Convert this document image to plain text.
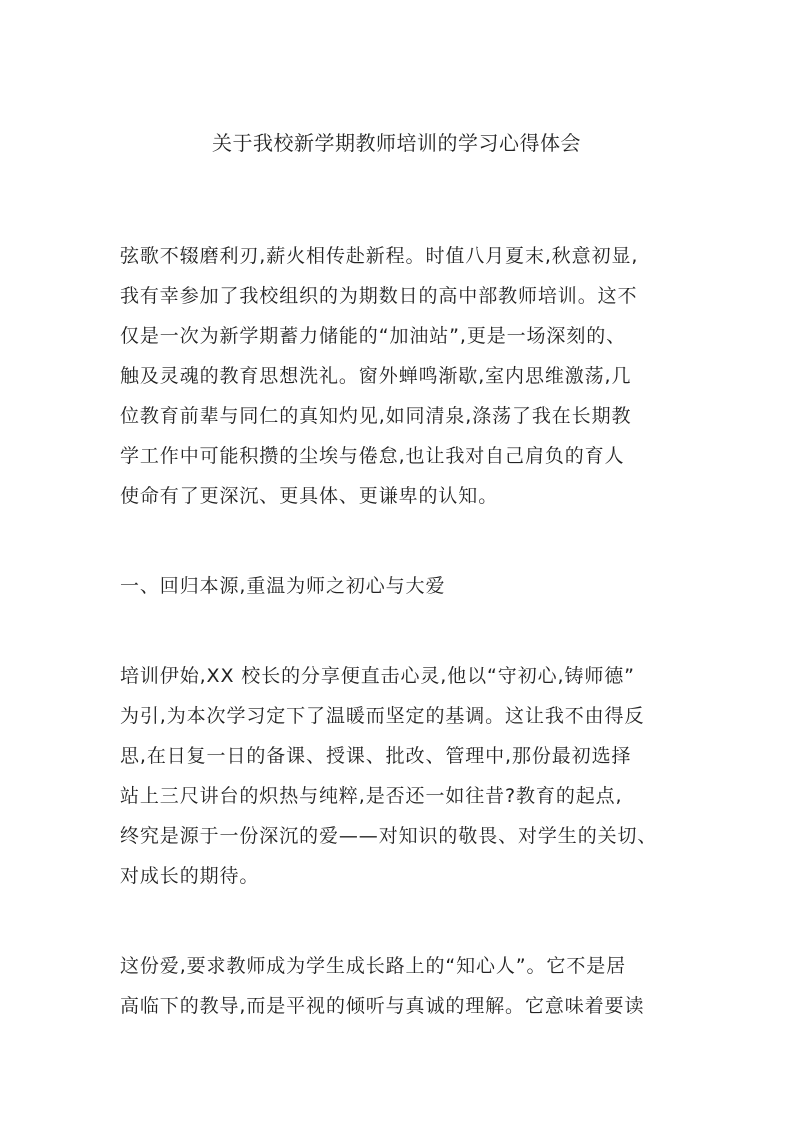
关于我校新学期教师培训的学习心得体会
弦歌不辍磨利刃,薪火相传赴新程。时值八月夏末,秋意初显,
我有幸参加了我校组织的为期数日的高中部教师培训。这不
仅是一次为新学期蓄力储能的“加油站”,更是一场深刻的、
触及灵魂的教育思想洗礼。窗外蝉鸣渐歇,室内思维激荡,几
位教育前辈与同仁的真知灼见,如同清泉,涤荡了我在长期教
学工作中可能积攒的尘埃与倦怠,也让我对自己肩负的育人
使命有了更深沉、更具体、更谦卑的认知。
一、回归本源,重温为师之初心与大爱
培训伊始,XX 校长的分享便直击心灵,他以“守初心,铸师德”
为引,为本次学习定下了温暖而坚定的基调。这让我不由得反
思,在日复一日的备课、授课、批改、管理中,那份最初选择
站上三尺讲台的炽热与纯粹,是否还一如往昔?教育的起点,
终究是源于一份深沉的爱——对知识的敬畏、对学生的关切、
对成长的期待。
这份爱,要求教师成为学生成长路上的“知心人”。它不是居
高临下的教导,而是平视的倾听与真诚的理解。它意味着要读
